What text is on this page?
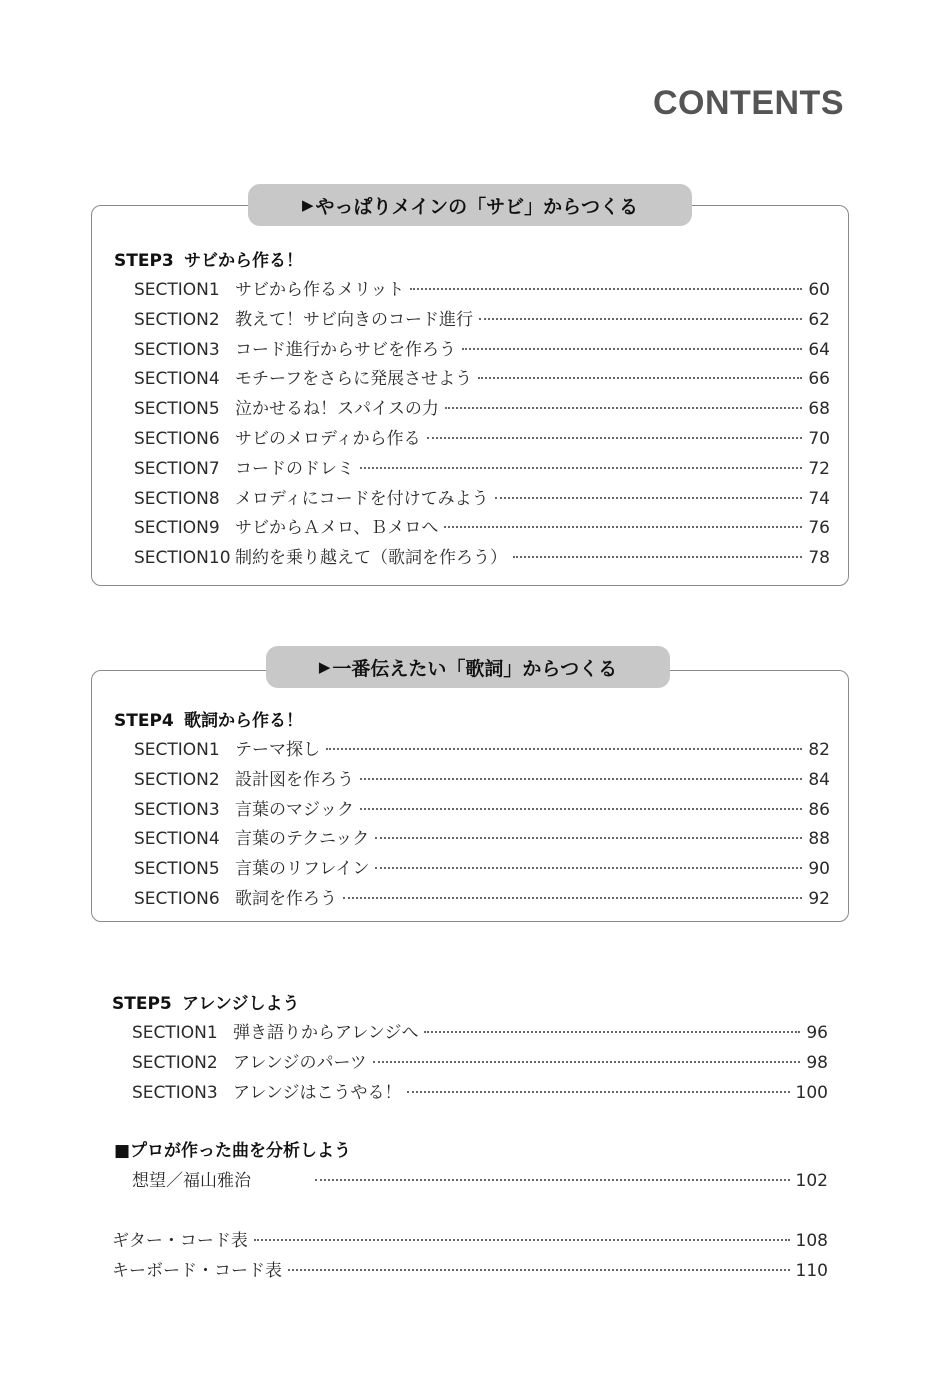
CONTENTS
▶ やっぱりメインの「サビ」からつくる
STEP3 サビから作る！
SECTION1 サビから作るメリット	60
SECTION2 教えて！サビ向きのコード進行	62
SECTION3 コード進行からサビを作ろう	64
SECTION4 モチーフをさらに発展させよう	66
SECTION5 泣かせるね！スパイスの力	68
SECTION6 サビのメロディから作る	70
SECTION7 コードのドレミ	72
SECTION8 メロディにコードを付けてみよう	74
SECTION9 サビからＡメロ、Ｂメロへ	76
SECTION10 制約を乗り越えて（歌詞を作ろう）	78
▶ 一番伝えたい「歌詞」からつくる
STEP4 歌詞から作る！
SECTION1 テーマ探し	82
SECTION2 設計図を作ろう	84
SECTION3 言葉のマジック	86
SECTION4 言葉のテクニック	88
SECTION5 言葉のリフレイン	90
SECTION6 歌詞を作ろう	92
STEP5 アレンジしよう
SECTION1 弾き語りからアレンジへ	96
SECTION2 アレンジのパーツ	98
SECTION3 アレンジはこうやる！	100
■プロが作った曲を分析しよう
想望／福山雅治	102
ギター・コード表	108
キーボード・コード表	110
